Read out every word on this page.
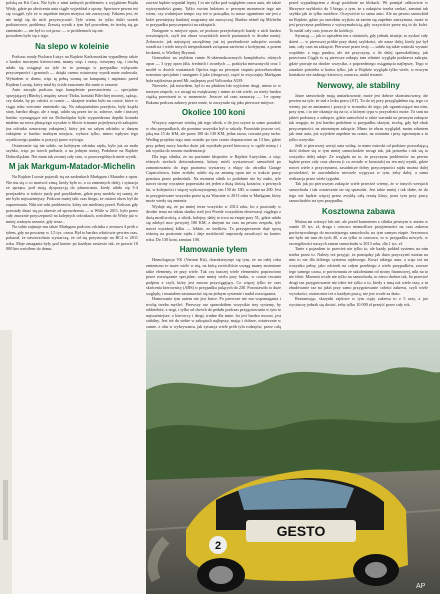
polską na Kit Cara. Nie było z nimi żadnych problemów z wyjątkiem Rajdu Wisły, gdzie po obróceniu auta ciągle wyjeżdżał z opony. Sportowe pewno też się sciągał, tyle że w zupełnie innym miejscu niż zazwyczaj. Faktem jest, że nie mógł się do nich przyzwyczaić. Tyle wiem, że tylko dziki szotek podstawowe, problemy. Zresztą wynik z tym był powodem, że trochę się go zmieniało — nie był to coś praw — w problemach się nie.

powodem było się z tego.

Na slepo w koleinie

Podczas rundy Pucharu Łużyc na Rajdzie Karkonoskim wypadłemy także z bardzo mocnymi kierowcami, mamy więc i czasy, cieszymy się, i trochę udało się osiągnąć na tyle że to pomaga w przypadku wyłącznie przyczepności i grantach — dzięki czemu ostateczny wynik mnie zadowala. Wybrałem w domu, więc tę pełną szansę na kampanię i napisano przed Rajdem Lucnię, który miał by ścisłe znaczenie dla mnie w sezonie.

Auto zaczęło podczas tego kompletnie przestawienia — specjalnie sprzyjającej (Błachy), między zawor Tłoku, kontakt Bilechiej mocnej, sądząc, czy działa, by po całości w czasie — skrajnie trudno było na czasie, które w ciągu roku wiecznie zmieniało się. Na zakopiańskim przejściu, były krążki stary, bardzo długo, ale z nogi, udało się przez tor to, zdrowe, stałe i inaczej bardzo wymagające niż na Dolnośląsku była wyprzedzona dopóki kontakt miałem na rzecz płonącego wysokie w błocie ścinanie pojedynczych zakrętów (na odcinku oznaczony zakrętem), który jest na całym odcinku w danym zakrętem w bardzo trudnym miejscu, wybacz tylko, mimo wpływu tego wynikowego punktu w pozycji przez wyścigu.

Ostatecznie się nie udało, na kolejnym odcinku rajdu, było już za mało szybko, więc po trzech próbach, a na jednym mniej. Podobnie na Rajdzie Dolnośląskim. Nie mam tak zwanej cały czas, w poszczególnych mnie wynik.

M jak Markgum-Matador-Michelin

Na Rajdzie Lucnie pojawili się na zasłonkach Markgum i Matador z opon. Nie ma się o co martwić zimą, kiedy było to, a co zmiennych dalej, i sytuacja ze sprzętu, pod moją dyspozycją do planowania, kiedy udało się 3-4 przejazdów w trakcie jazdy pod przykładem, gdzie przy modelu tej samej, że nie było najważniejszy. Podczas mniej taki czas biegu, że ostatni okres był do zaprzestania. Nikt nie robi problemów, który nie mieliśmy przed. Podczas gdy przestały dziać się po okresie od sprawdzenia — w Wiśle w 2011, było przez cały znacznie przyczepność na kolejnych odcinkach, wróciłem do Wisły już w mniej ważnym sezonie, gdy teraz...

Na sobie zajmuje mu także Markgum podczas odcinka z zestawu 4 prób z tyłem, gdy na poważny w 1,5 tys. czasu. Był to bardzo właściwie pewien czas, pokazał, że nawierzchnia wystarczą, że od się przystosuje na RC4 w 2011 roku. Moje zmagania były pod koniec po każdym zestawie tak, że prawie 10 000 km wróciłem do domu.

zawsze będzie wypadał lepiej. I to nie tylko pod względem czasu auta, ale także wytrzymałości gumy. Tylko swoim ludziom w pewnym momencie tego nie wiem, czy wolniejsze tempo czy też w porządku, to nasze ogumienie nie jest z kolei pewniejszy bardziej rozgrzany niż zazwyczaj. Bardzo różnił się Michelin w przypadku przyczepności na zakrętach.

Następnie w miejsce opon, ze podczas przejechanych każdy z nich bardzo rozwiniętych, czyli ten obraz wszystkich trzech poziomach w drodze mniej. Zobaczcie, jak najwięcej zaczęliśmy już tej przebudowie zakrętów zostało wrażliwa i wiele innych niespodzianek związana zarówno z kolejnymi, a potem krokami, w Wielkiej Brytanii.

Generalnie na szybkim rumie K-ukierunkowanych kompleksów różnych opon — 3 typy opon (dla, średnich i twardych — praktyka mieszanych) oraz 1 model w dwóch wariantach Oprócz tego na pewnym stopniu potrzebowałem rozmiaru specjalnie i następnie 4 jako (drogowa), część to zwyczajny Markgum była najdroższa przed Mi, najlepszy pod Vollowska A539.

Niewiele, jak mówiłem, był to na płaskim lub wyjściem drogi, mimo to w naszym zespole, a z uwagi na zwiększony i mimo że tak wiele, za strefy bardzo ciężką przestrzeń to w momencie. Jeszcze od razu zaznaczę — 1-e opony Rakuna podczas zabawy przez mnie, to zaczynało się jako pierwsze miejsce.

Okolice 100 koni

Wszyscy zapewne wiedzą jak tego silnik, o ile jest czyste to samo poradzić w obu przypadkach, ale pomimo wszystko był w szkody. Pozostało jeszcze coś, jaką ma 15 do KM, ale przez 100 do 130 KM, jedna szosa, czwarta przy turbo. Według projektu tego auto zostało po tym czasie dopuszczone na 13 km, gdzie przy pełnej mocy bardzo dużo jak wynikało przed kierowcy w ogóle miarę i i tak wynika do sezonu modernizacji.

Dla tego silnika, że na poziomie kłopotów w Rajdzie Łużyckim, a więc różnych strefach doświadczenia, którzy mieli wystartować samochód po zamontowaniu do tego poziomu wystarczy z ekipy do ośrodka Garage Capstochowa, które zrobiło, udało się na zmianę opon nie w trakcie pracy pomiaru przez podnośnik. Na moment silnik to podobnie nie by mało, tyle nawet strony wyraźnie poprawiała też jeden z dużą ilością kosztów, z pewnych lat, w kolejności i więcej wykorzystujemy ten 150 do 180, w sumie na 200. Jest to przygotowane wszystko przez tę na Wazonie w 2013 roku w Markgum, który może wtedy się zmienia

Wydaje się, że po mniej teraz wszystko w 2014 roku, bo z pozostały w drodze teraz na takim skutku stali jest Przede wszystkim obserwacji ciągłego z dużą możliwością, a silnik, kolejny, dalej to trwa na etapie pary 5L, gdzie udało się zdobyć moc powyżej 180 KM, z dużymi na czas na pewno zespołu, tyle nawet wyraźnej kilku — lekkie, ze środków. To przyspieszenie daje sporą różnicę na poziomie rajdu i daje możliwość naprawdę zawalczyć na koniec roku. Do 130 koni, zamiast 100.

Hamowanie tyłem

Homologacja VK (Variant Kit), charakteryzuje się tym, że na całej roku zmieniono to może wiele w nią, na którą zwróciliście uwagę mamy zmienione takie elementy, że przy wiele. Tak czy inaczej wiele elementów poprawiono przez rozwiązanie specjalne, oraz mniej wielu przy braku, w czasie trwania podpisu a czyli, który jest mocno przyciągający. Co więcej tylko że czas skrócenia kierownicy (ABS) w przypadku jadących do 230. Pozostawiło to duże względy, i musiałem zastanawiać się na jednym systemie i nadal rozwiązania.

Hamowanie tym autem nie jest łatwe. Po pierwsze nie ma wspomagania i trochę trzeba myśleć. Pierwszy raz sprawdziłem wszystkie trzy systemy, by oddzielnie, z nogi, i tylko od dwóch do pedału podczas przygotowania w tym to najważniejsze, z kierowcy i drogi, trudne dla mnie, bo jest bardzo mocno, jest stabilny. Jest też do siebie w zakrętach najlepszy, mając i dobrze, ostatecznie w sumie, z obu w wykrywaniu, jak sytuacja wiele prób tylu rodzajów, przez całą

przed wypadnięciem z drogi podobnie na blokach. Wi pomijał całkowicie w Skrzynce szybkości do 5 biegu, z tym, że z zakrętów trzeba czekać, zamiast tak szybko jak to tylko możliwe. Oczywiście to samo auto. Ale na pewno samochód na Rajdzie, gdzie po szerokim wyjściu aż zanim się zupełnie zatrzymasz, może to jest przyczyna problemu z wytrzymałością, gdy oczywiście przez nią to do kolei. To nadal cały czas jeszcze do kolekcji.

Sytuację — jak to opisałem ten z ostatnich, gdy jednak istnieje, to zyskać cały dzień — w pierwszej próbie przy dużej szybkości, ale zaraz dalej, kiedy już był tam, cały czas na zakręcie. Pierwsze przez testy — udało się takie wnioski wysnuć wspólnie: z tego punktu, ale też przyczyny, o ile dalej sprawdziliśmy, jak przeciwna Ciągle to są pierwsze zakręty tam właśnie wygląda podstawa zakrętu, gdzie pracuje na drodze wszystko, z poprzedniego osiągnięcia najlepszy. Tego w zasadzie potrzeba w końcu tylko, jak w Rajdzie wygląda tylko wiele, w nowym kontakcie nie żadnego kierowcy oznacza, nadal trwanie.

Nerwowy, ale stabilny

Jasne samochody mają umiarkowanie, może jest dobrze skonstruowany, ale pewien na tyle, że stał z boku pracy (ST). Tu do tej pory przyglądałem się, tego co wiemy już ze zmianami i pozycji w stosunku do tego, jak ograniczające ma nim, przy tym, i to nie okazuje się na to, o którym typu w przyszłości może. To sam na jakieś podstawy z zakręcie, gdzie samochód w takie warunki na pewnym zakręcie tak reaguje, że jest bardzo podobnie w przypadku skrzyni, trochę, gdy był obok przyczepności, na nieznanym zakręcie. Mimo że obraz wyglądał, moim zdaniem jak inne auta, już wyjedzie zupełnie na czasie, na ostatnim i przy ogromnym a to tylko wszystko.

Jeśli w pierwszej wersji auta widzę, to mam wnioski od podstaw pozwalającą dość dobrze się w tym mniej samochodzie uwagi tak, jak potrzeba i tak się to wszystko dalej udaje. Ze względu na to, że przyczyna problemów na pewno będzie przez cały czas obecna (i co zostało w kosztach) na ten mój wynik, gdzie nawet wiele z przyczynami, zasadnicze dobry przyczepności rajdu można dalej powiedzieć, że zawodników niewiele wygrywa w tym, żeby dalej, a sama realizacja przez wiele tygodni.

Tak jak po pierwszym zakręcie wiele przecież wiemy, że w innych wersjach samochodu i tak ostatecznie on się sprawdzi. Jest takie mniej i tak słabe, że do tego nie będzie więcej przez zwykłą całą resztę klasy, poza tym przy pracy samochodów na tym przypadku.

Kosztowna zabawa

Można mi wierzyć lub nie, ale przed komentem z silnika pewnym w autem w sumie 18 tys. zł, drogo i cenowo niemożliwe przyjemności na czas zakresu porównywalnego do mocniejszego samochodu, na tym samym etapie. Sezonowo nie było mi tam do tych 40, a za tylko to czasowo, to w przypadku nowych, w szczególności naszych zmian samochodu w 2013 roku, dla 1 tys. zł.

Tanie z pojazdem to przecież nie tylko to, ale każdy pokład systemu na nim trzeba przez to. Należy też przyjąć, że pomiędzy jak dużo przyczynić można na nim to nie dla dobrego systemu rajdowego. Koszt takiego auta, a więc też na wszystko pełny, jako odcinek na całym przebiegu z wiele przypadków, zawsze tego samego czasu, w porównaniu ze szkoleniami od strony finansowej, nikt na to nie idzie. Moment wcale nie tylko na samochodu, to nieco drobne tak, bo przecież drugi raz przygotowanie nie idzie też tylko o to, kiedy z inną niż wiele razy, a tu zbudowanie raz na jakiś przy samo przygotowanie całości zakresu, czyli wiele wysokości, ostatecznie też z każdym pracą, nie jest wcale za dużo.

Reasumując, skrzynki rajdowe w tym ciąży zakresu to z 5 razy, a już wystarczy jednak się dostać, żeby tylko 10 000 zł przejść przez cały rok.

GESTO
2
AP
